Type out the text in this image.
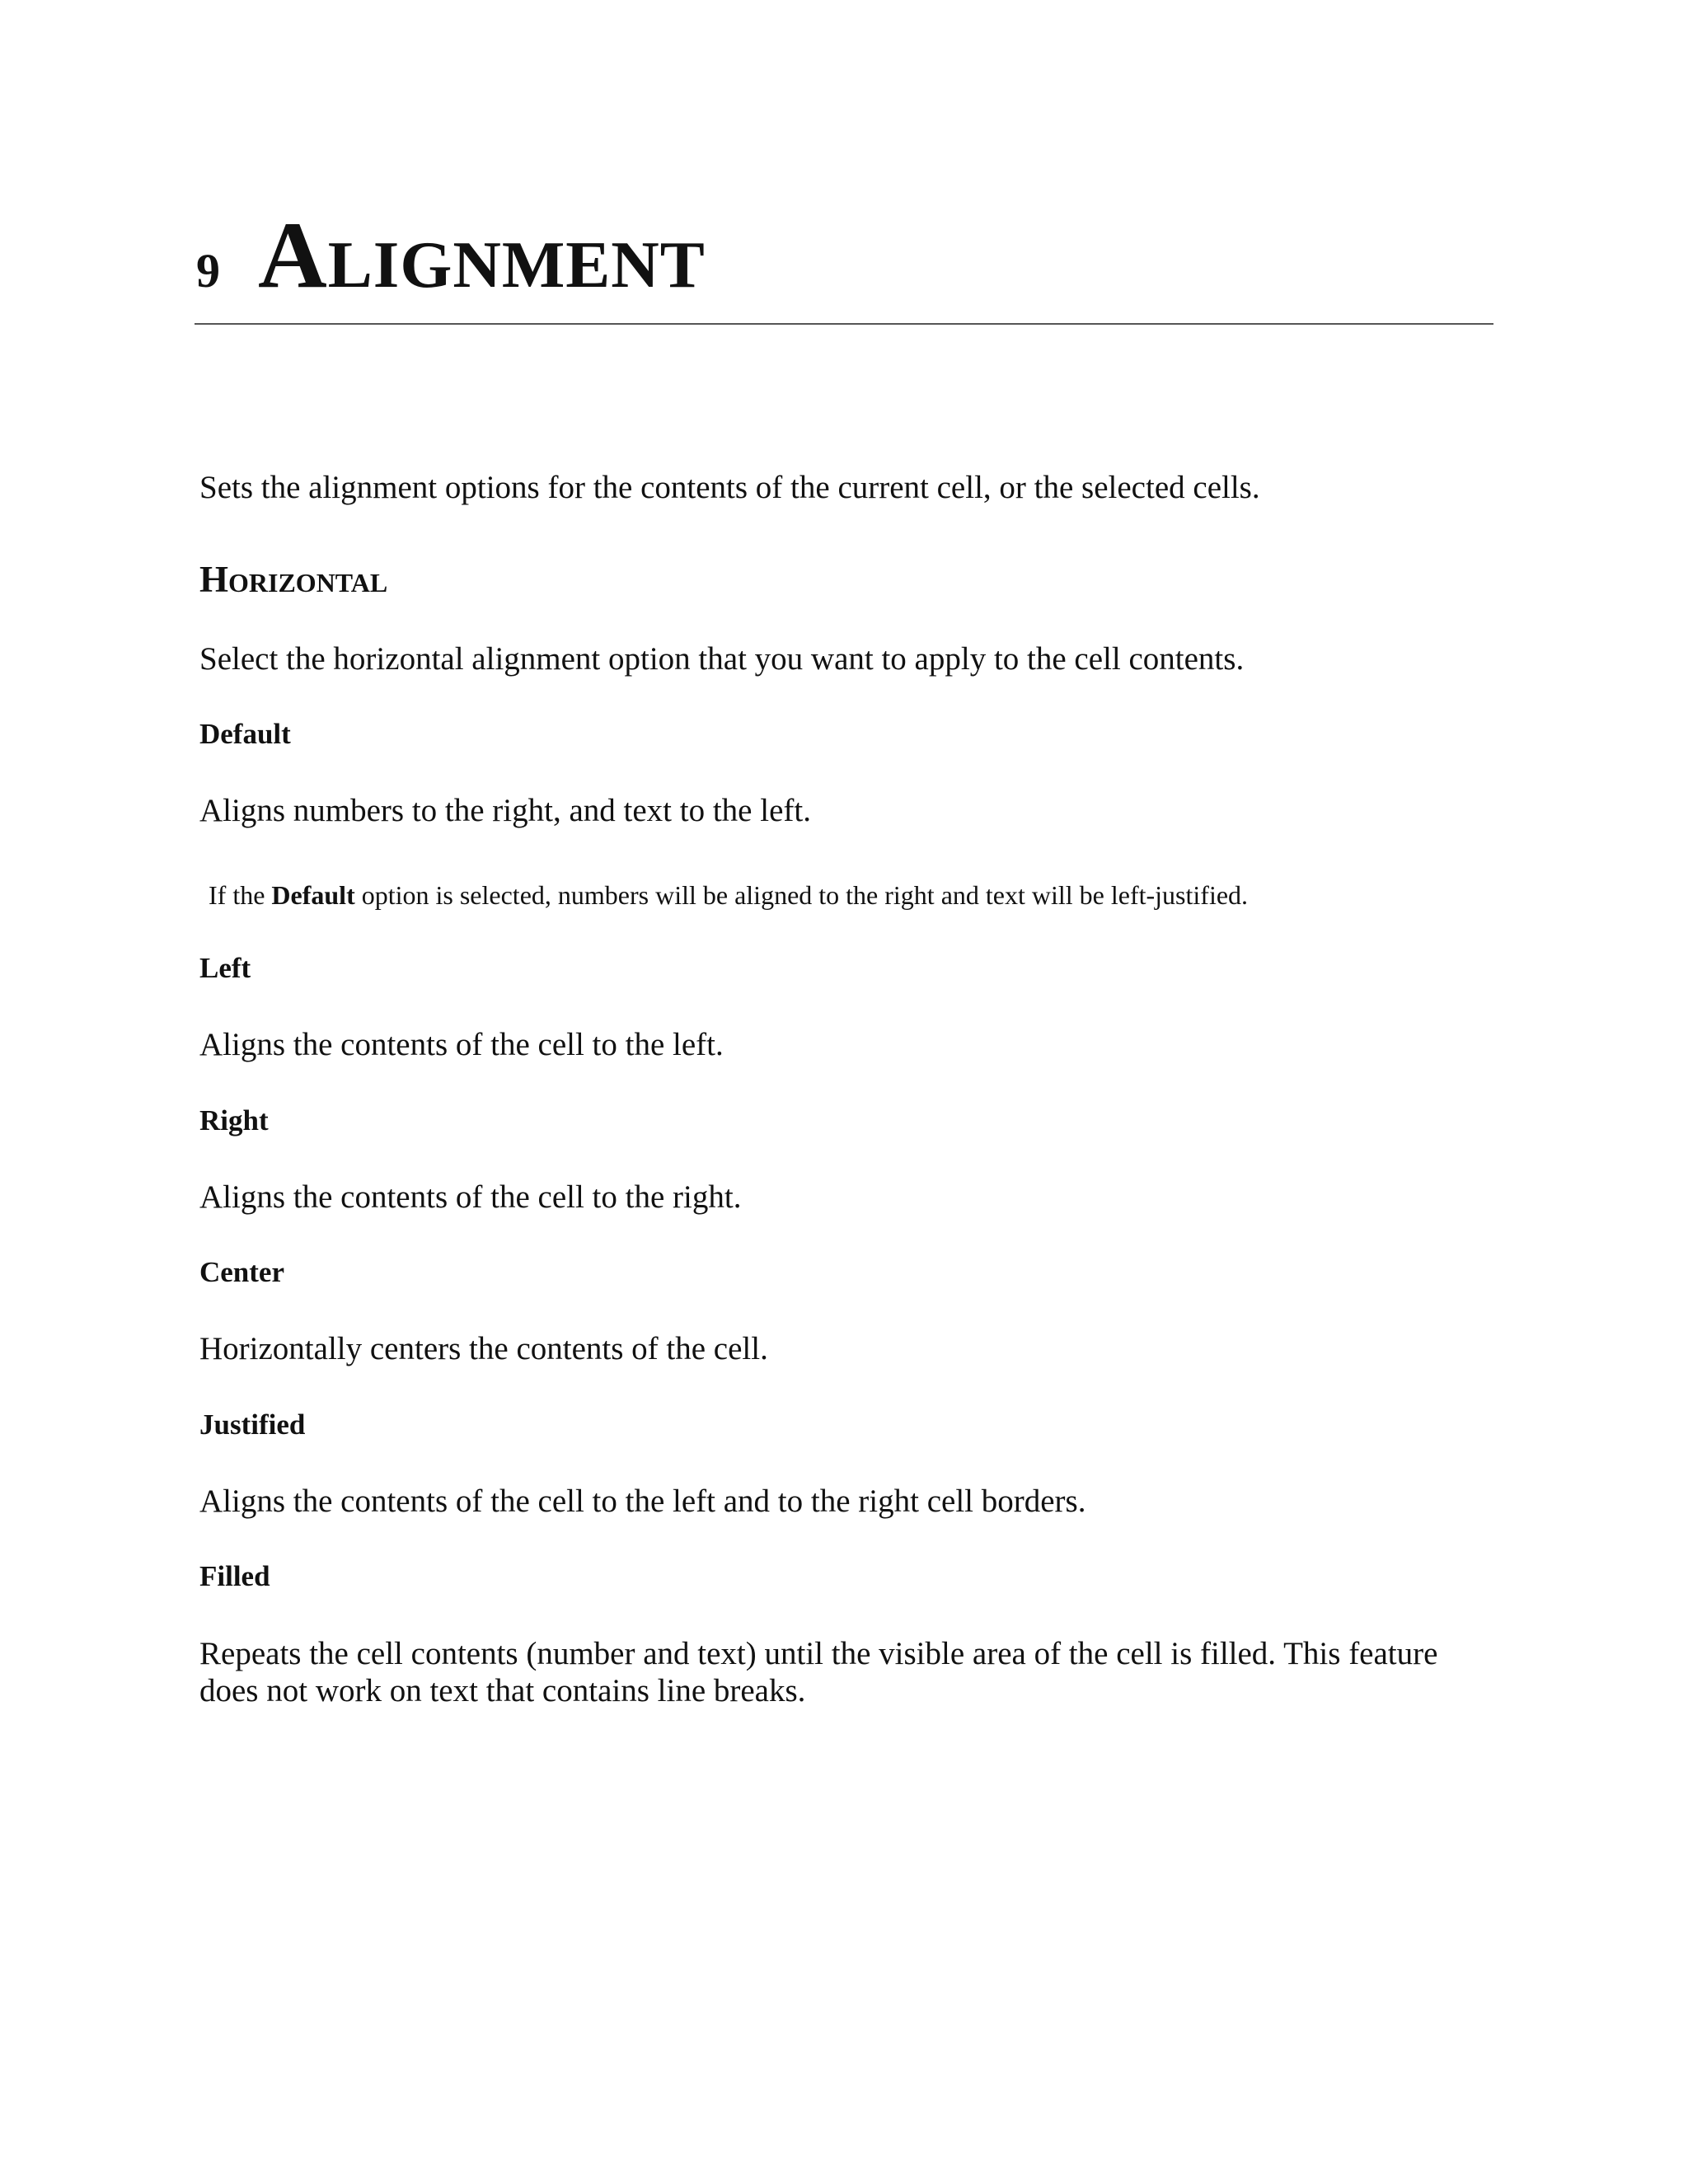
9 Alignment

Sets the alignment options for the contents of the current cell, or the selected cells.

Horizontal

Select the horizontal alignment option that you want to apply to the cell contents.

Default

Aligns numbers to the right, and text to the left.

If the Default option is selected, numbers will be aligned to the right and text will be left-justified.

Left

Aligns the contents of the cell to the left.

Right

Aligns the contents of the cell to the right.

Center

Horizontally centers the contents of the cell.

Justified

Aligns the contents of the cell to the left and to the right cell borders.

Filled

Repeats the cell contents (number and text) until the visible area of the cell is filled. This feature does not work on text that contains line breaks.
